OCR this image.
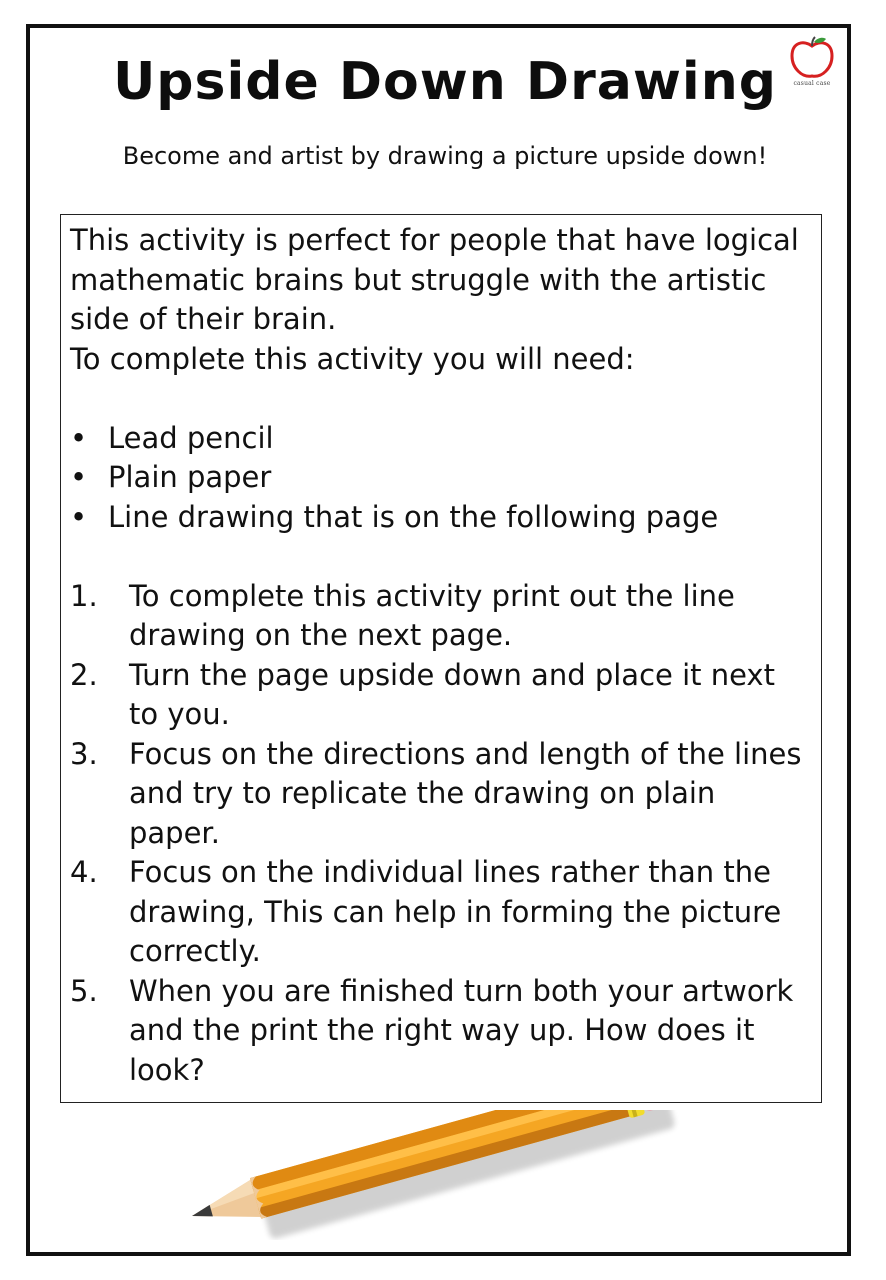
casual case
Upside Down Drawing

Become and artist by drawing a picture upside down!

This activity is perfect for people that have logical mathematic brains but struggle with the artistic side of their brain.

To complete this activity you will need:

• Lead pencil
• Plain paper
• Line drawing that is on the following page
1. To complete this activity print out the line drawing on the next page.
2. Turn the page upside down and place it next to you.
3. Focus on the directions and length of the lines and try to replicate the drawing on plain paper.
4. Focus on the individual lines rather than the drawing, This can help in forming the picture correctly.
5. When you are finished turn both your artwork and the print the right way up. How does it look?
